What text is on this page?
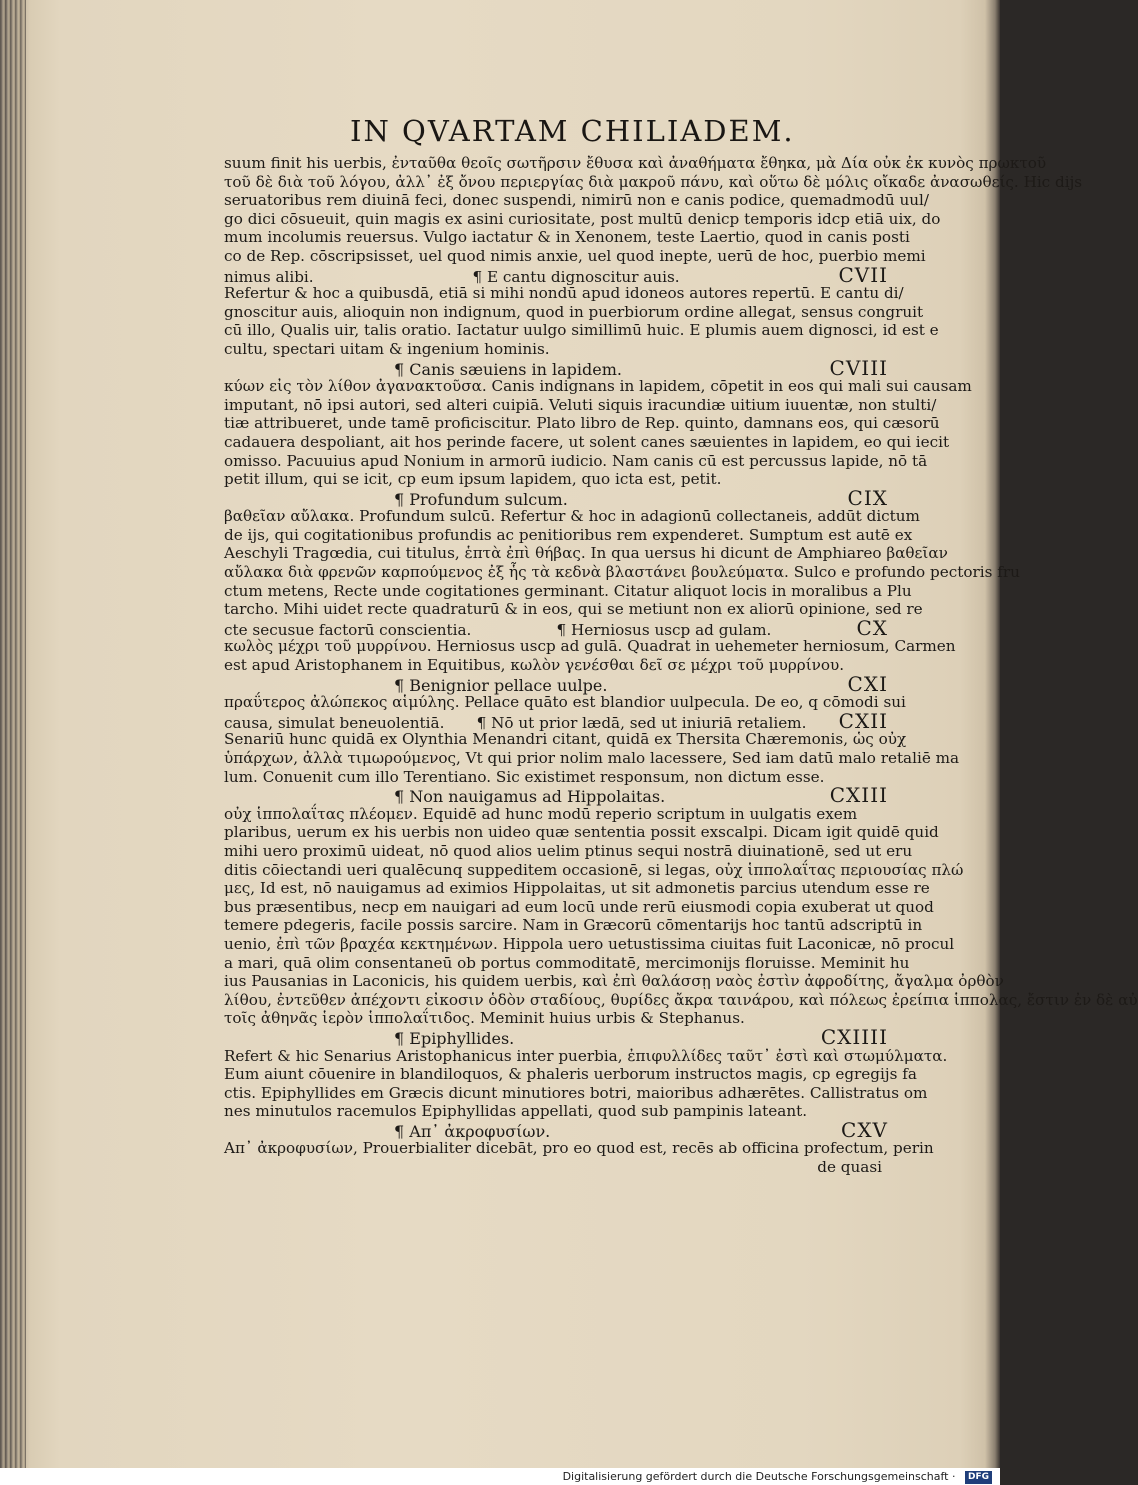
IN QVARTAM CHILIADEM.
suum finit his uerbis, ἐνταῦθα θεοῖς σωτῆρσιν ἔθυσα καὶ ἀναθήματα ἔθηκα, μὰ Δία οὐκ ἐκ κυνὸς πρωκτοῦ
τοῦ δὲ διὰ τοῦ λόγου, ἀλλ᾽ ἐξ ὄνου περιεργίας διὰ μακροῦ πάνυ, καὶ οὕτω δὲ μόλις οἴκαδε ἀνασωθείς. Hic dijs
seruatoribus rem diuinā feci, donec suspendi, nimirū non e canis podice, quemadmodū uul/
go dici cōsueuit, quin magis ex asini curiositate, post multū denicp temporis idcp etiā uix, do
mum incolumis reuersus. Vulgo iactatur & in Xenonem, teste Laertio, quod in canis posti
co de Rep. cōscripsisset, uel quod nimis anxie, uel quod inepte, uerū de hoc, puerbio memi
nimus alibi.	¶ E cantu dignoscitur auis.	CVII
Refertur & hoc a quibusdā, etiā si mihi nondū apud idoneos autores repertū. E cantu di/
gnoscitur auis, alioquin non indignum, quod in puerbiorum ordine allegat, sensus congruit
cū illo, Qualis uir, talis oratio. Iactatur uulgo simillimū huic. E plumis auem dignosci, id est e
cultu, spectari uitam & ingenium hominis.
¶ Canis sæuiens in lapidem.	CVIII
κύων εἰς τὸν λίθον ἀγανακτοῦσα. Canis indignans in lapidem, cōpetit in eos qui mali sui causam
imputant, nō ipsi autori, sed alteri cuipiā. Veluti siquis iracundiæ uitium iuuentæ, non stulti/
tiæ attribueret, unde tamē proficiscitur. Plato libro de Rep. quinto, damnans eos, qui cæsorū
cadauera despoliant, ait hos perinde facere, ut solent canes sæuientes in lapidem, eo qui iecit
omisso. Pacuuius apud Nonium in armorū iudicio. Nam canis cū est percussus lapide, nō tā
petit illum, qui se icit, cp eum ipsum lapidem, quo icta est, petit.
¶ Profundum sulcum.	CIX
βαθεῖαν αὔλακα. Profundum sulcū. Refertur & hoc in adagionū collectaneis, addūt dictum
de ijs, qui cogitationibus profundis ac penitioribus rem expenderet. Sumptum est autē ex
Aeschyli Tragœdia, cui titulus, ἑπτὰ ἐπὶ θήβας. In qua uersus hi dicunt de Amphiareo βαθεῖαν
αὔλακα διὰ φρενῶν καρπούμενος ἐξ ἧς τὰ κεδνὰ βλαστάνει βουλεύματα. Sulco e profundo pectoris fru
ctum metens, Recte unde cogitationes germinant. Citatur aliquot locis in moralibus a Plu
tarcho. Mihi uidet recte quadraturū & in eos, qui se metiunt non ex aliorū opinione, sed re
cte secusue factorū conscientia.	¶ Herniosus uscp ad gulam.	CX
κωλὸς μέχρι τοῦ μυρρίνου. Herniosus uscp ad gulā. Quadrat in uehemeter herniosum, Carmen
est apud Aristophanem in Equitibus, κωλὸν γενέσθαι δεῖ σε μέχρι τοῦ μυρρίνου.
¶ Benignior pellace uulpe.	CXI
πραΰτερος ἀλώπεκος αἱμύλης. Pellace quāto est blandior uulpecula. De eo, q cōmodi sui
causa, simulat beneuolentiā. ¶ Nō ut prior lædā, sed ut iniuriā retaliem. CXII
Senariū hunc quidā ex Olynthia Menandri citant, quidā ex Thersita Chæremonis, ὡς οὐχ
ὑπάρχων, ἀλλὰ τιμωρούμενος, Vt qui prior nolim malo lacessere, Sed iam datū malo retaliē ma
lum. Conuenit cum illo Terentiano. Sic existimet responsum, non dictum esse.
¶ Non nauigamus ad Hippolaitas.	CXIII
οὐχ ἱππολαΐτας πλέομεν. Equidē ad hunc modū reperio scriptum in uulgatis exem
plaribus, uerum ex his uerbis non uideo quæ sententia possit exscalpi. Dicam igit quidē quid
mihi uero proximū uideat, nō quod alios uelim ptinus sequi nostrā diuinationē, sed ut eru
ditis cōiectandi ueri qualēcunq suppeditem occasionē, si legas, οὐχ ἱππολαΐτας περιουσίας πλώ
μες, Id est, nō nauigamus ad eximios Hippolaitas, ut sit admonetis parcius utendum esse re
bus præsentibus, necp em nauigari ad eum locū unde rerū eiusmodi copia exuberat ut quod
temere pdegeris, facile possis sarcire. Nam in Græcorū cōmentarijs hoc tantū adscriptū in
uenio, ἐπὶ τῶν βραχέα κεκτημένων. Hippola uero uetustissima ciuitas fuit Laconicæ, nō procul
a mari, quā olim consentaneū ob portus commoditatē, mercimonijs floruisse. Meminit hu
ius Pausanias in Laconicis, his quidem uerbis, καὶ ἐπὶ θαλάσσῃ ναὸς ἐστὶν ἀφροδίτης, ἄγαλμα ὀρθὸν
λίθου, ἐντεῦθεν ἀπέχοντι εἰκοσιν ὁδὸν σταδίους, θυρίδες ἄκρα ταινάρου, καὶ πόλεως ἐρείπια ἱππολας, ἔστιν ἐν δὲ αὐ
τοῖς ἀθηνᾶς ἱερὸν ἱππολαΐτιδος. Meminit huius urbis & Stephanus.
¶ Epiphyllides.	CXIIII
Refert & hic Senarius Aristophanicus inter puerbia, ἐπιφυλλίδες ταῦτ᾽ ἐστὶ καὶ στωμύλματα.
Eum aiunt cōuenire in blandiloquos, & phaleris uerborum instructos magis, cp egregijs fa
ctis. Epiphyllides em Græcis dicunt minutiores botri, maioribus adhærētes. Callistratus om
nes minutulos racemulos Epiphyllidas appellati, quod sub pampinis lateant.
¶ Απ᾽ ἀκροφυσίων.	CXV
Απ᾽ ἀκροφυσίων, Prouerbialiter dicebāt, pro eo quod est, recēs ab officina profectum, perin
de quasi
Digitalisierung gefördert durch die Deutsche Forschungsgemeinschaft · DFG
